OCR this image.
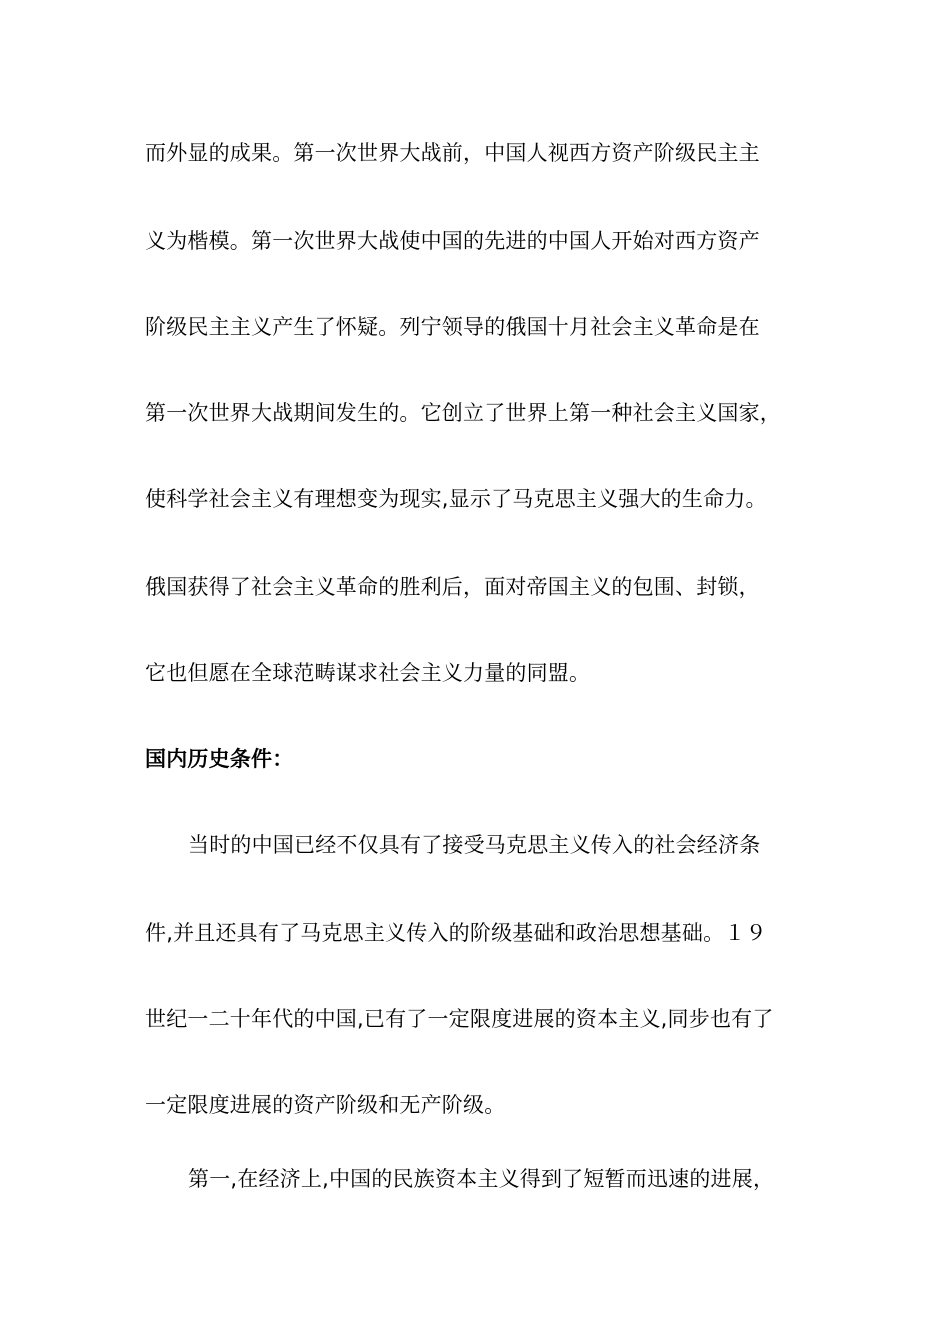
而外显的成果。第一次世界大战前，中国人视西方资产阶级民主主
义为楷模。第一次世界大战使中国的先进的中国人开始对西方资产
阶级民主主义产生了怀疑。列宁领导的俄国十月社会主义革命是在
第一次世界大战期间发生的。它创立了世界上第一种社会主义国家，
使科学社会主义有理想变为现实,显示了马克思主义强大的生命力。
俄国获得了社会主义革命的胜利后，面对帝国主义的包围、封锁，
它也但愿在全球范畴谋求社会主义力量的同盟。
国内历史条件：
当时的中国已经不仅具有了接受马克思主义传入的社会经济条
件,并且还具有了马克思主义传入的阶级基础和政治思想基础。１９
世纪一二十年代的中国,已有了一定限度进展的资本主义,同步也有了
一定限度进展的资产阶级和无产阶级。
第一,在经济上,中国的民族资本主义得到了短暂而迅速的进展，
